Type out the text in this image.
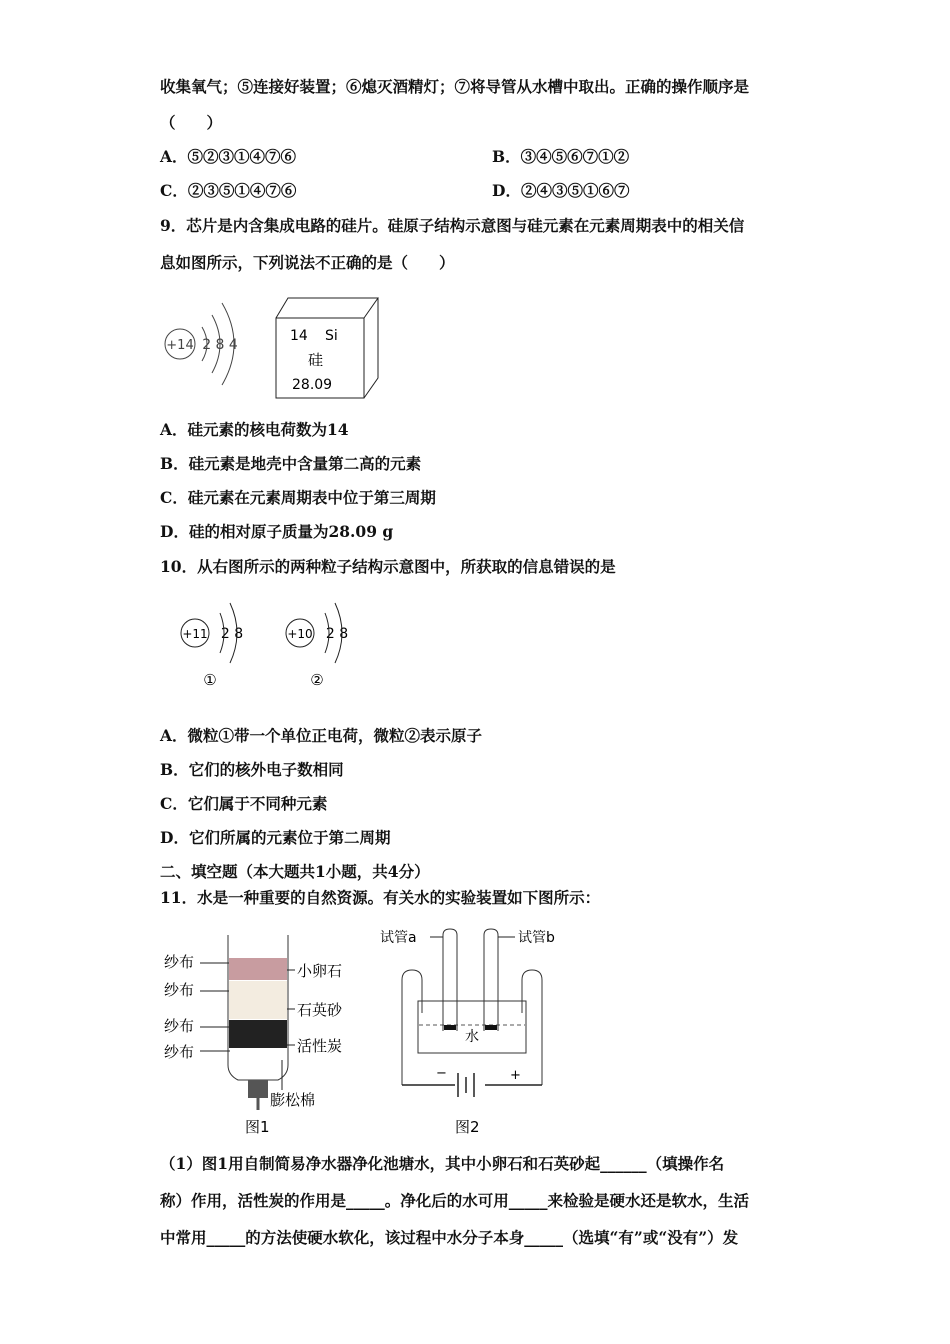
收集氧气；⑤连接好装置；⑥熄灭酒精灯；⑦将导管从水槽中取出。正确的操作顺序是
（　　）
A．⑤②③①④⑦⑥	B．③④⑤⑥⑦①②
C．②③⑤①④⑦⑥	D．②④③⑤①⑥⑦
9．芯片是内含集成电路的硅片。硅原子结构示意图与硅元素在元素周期表中的相关信
息如图所示，下列说法不正确的是（　　）
+14 2 8 4
14 Si
硅
28.09
A．硅元素的核电荷数为14
B．硅元素是地壳中含量第二高的元素
C．硅元素在元素周期表中位于第三周期
D．硅的相对原子质量为28.09 g
10．从右图所示的两种粒子结构示意图中，所获取的信息错误的是
+11 2 8
①
+10 2 8
②
A．微粒①带一个单位正电荷，微粒②表示原子
B．它们的核外电子数相同
C．它们属于不同种元素
D．它们所属的元素位于第二周期
二、填空题（本大题共1小题，共4分）
11．水是一种重要的自然资源。有关水的实验装置如下图所示：
纱布
纱布
纱布
纱布
小卵石
石英砂
活性炭
膨松棉
图1
试管a	试管b
水
−	+
图2
（1）图1用自制简易净水器净化池塘水，其中小卵石和石英砂起______（填操作名
称）作用，活性炭的作用是_____。净化后的水可用_____来检验是硬水还是软水，生活
中常用_____的方法使硬水软化，该过程中水分子本身_____（选填“有”或“没有”）发
